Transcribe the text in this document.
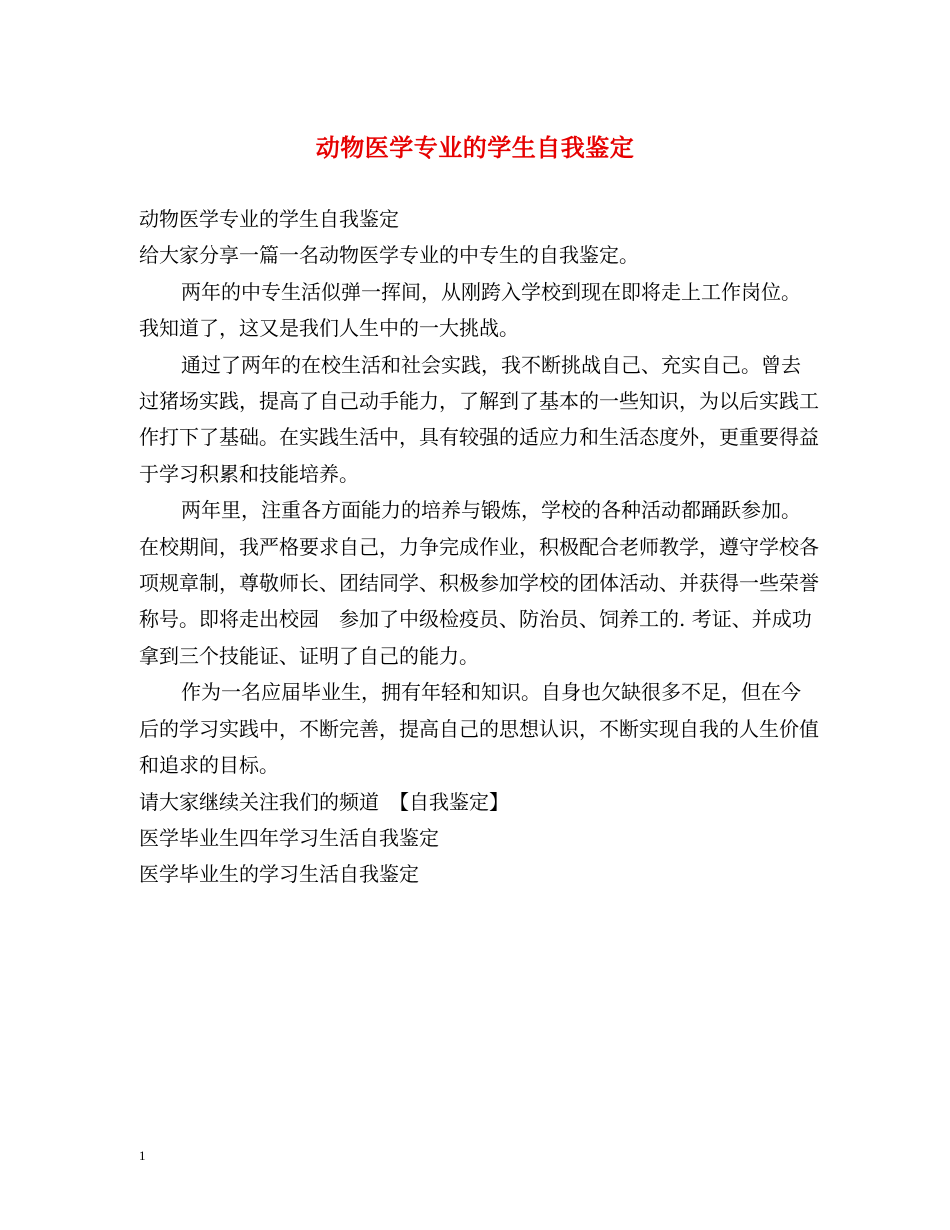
动物医学专业的学生自我鉴定

动物医学专业的学生自我鉴定

给大家分享一篇一名动物医学专业的中专生的自我鉴定。

两年的中专生活似弹一挥间，从刚跨入学校到现在即将走上工作岗位。我知道了，这又是我们人生中的一大挑战。

通过了两年的在校生活和社会实践，我不断挑战自己、充实自己。曾去过猪场实践，提高了自己动手能力，了解到了基本的一些知识，为以后实践工作打下了基础。在实践生活中，具有较强的适应力和生活态度外，更重要得益于学习积累和技能培养。

两年里，注重各方面能力的培养与锻炼，学校的各种活动都踊跃参加。在校期间，我严格要求自己，力争完成作业，积极配合老师教学，遵守学校各项规章制，尊敬师长、团结同学、积极参加学校的团体活动、并获得一些荣誉称号。即将走出校园　参加了中级检疫员、防治员、饲养工的. 考证、并成功拿到三个技能证、证明了自己的能力。

作为一名应届毕业生，拥有年轻和知识。自身也欠缺很多不足，但在今后的学习实践中，不断完善，提高自己的思想认识，不断实现自我的人生价值和追求的目标。

请大家继续关注我们的频道　【自我鉴定】

医学毕业生四年学习生活自我鉴定

医学毕业生的学习生活自我鉴定

1
